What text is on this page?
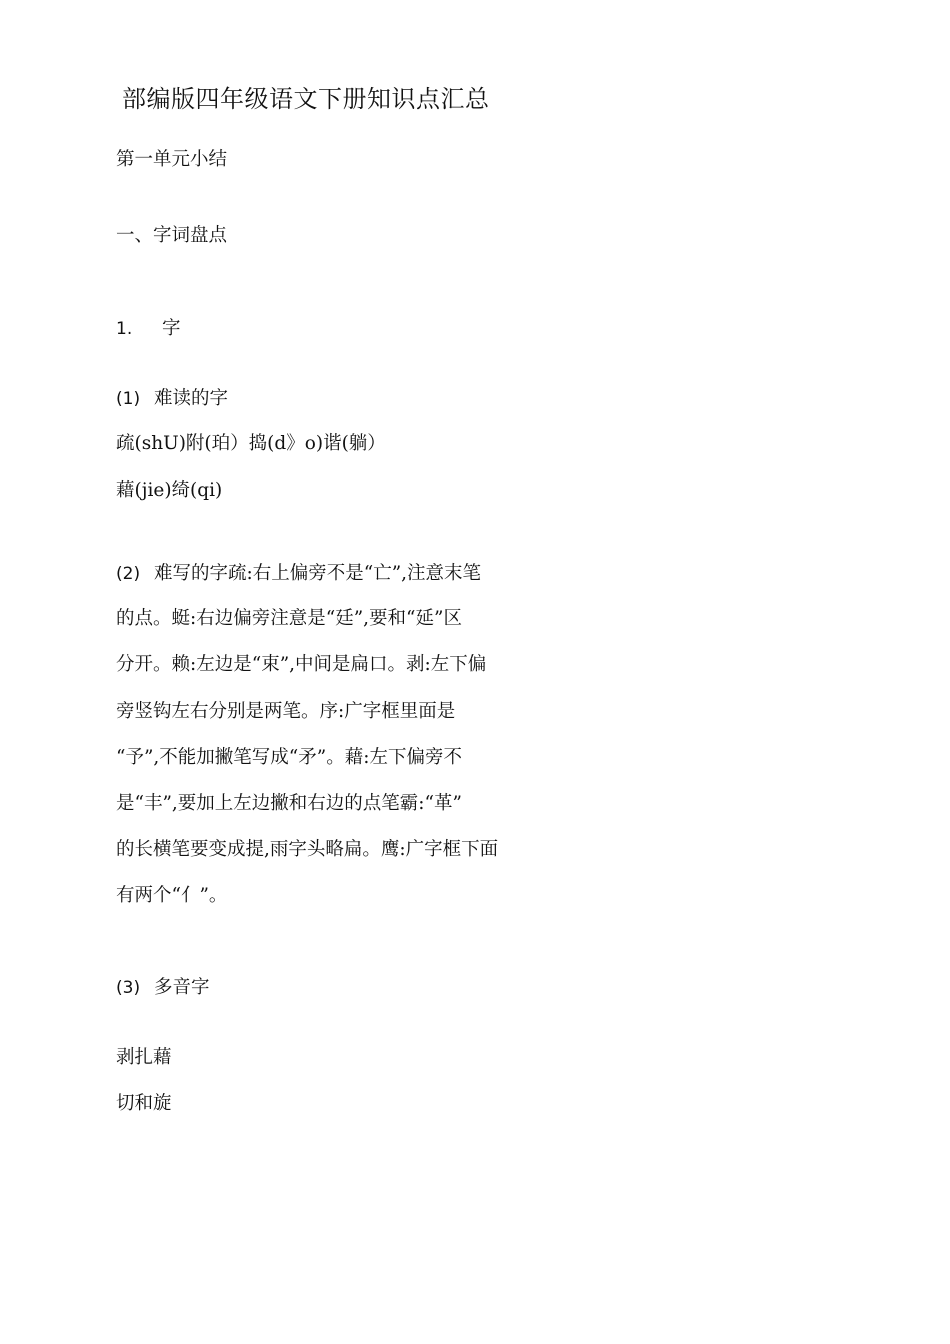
部编版四年级语文下册知识点汇总
第一单元小结
一、字词盘点
1. 字
(1) 难读的字
疏(shU)附(珀）捣(d》o)谐(躺）
藉(jie)绮(qi)
(2) 难写的字疏:右上偏旁不是“亡”,注意末笔
的点。蜓:右边偏旁注意是“廷”,要和“延”区
分开。赖:左边是“束”,中间是扁口。剥:左下偏
旁竖钩左右分别是两笔。序:广字框里面是
“予”,不能加撇笔写成“矛”。藉:左下偏旁不
是“丰”,要加上左边撇和右边的点笔霸:“革”
的长横笔要变成提,雨字头略扁。鹰:广字框下面
有两个“亻”。
(3) 多音字
剥扎藉
切和旋
